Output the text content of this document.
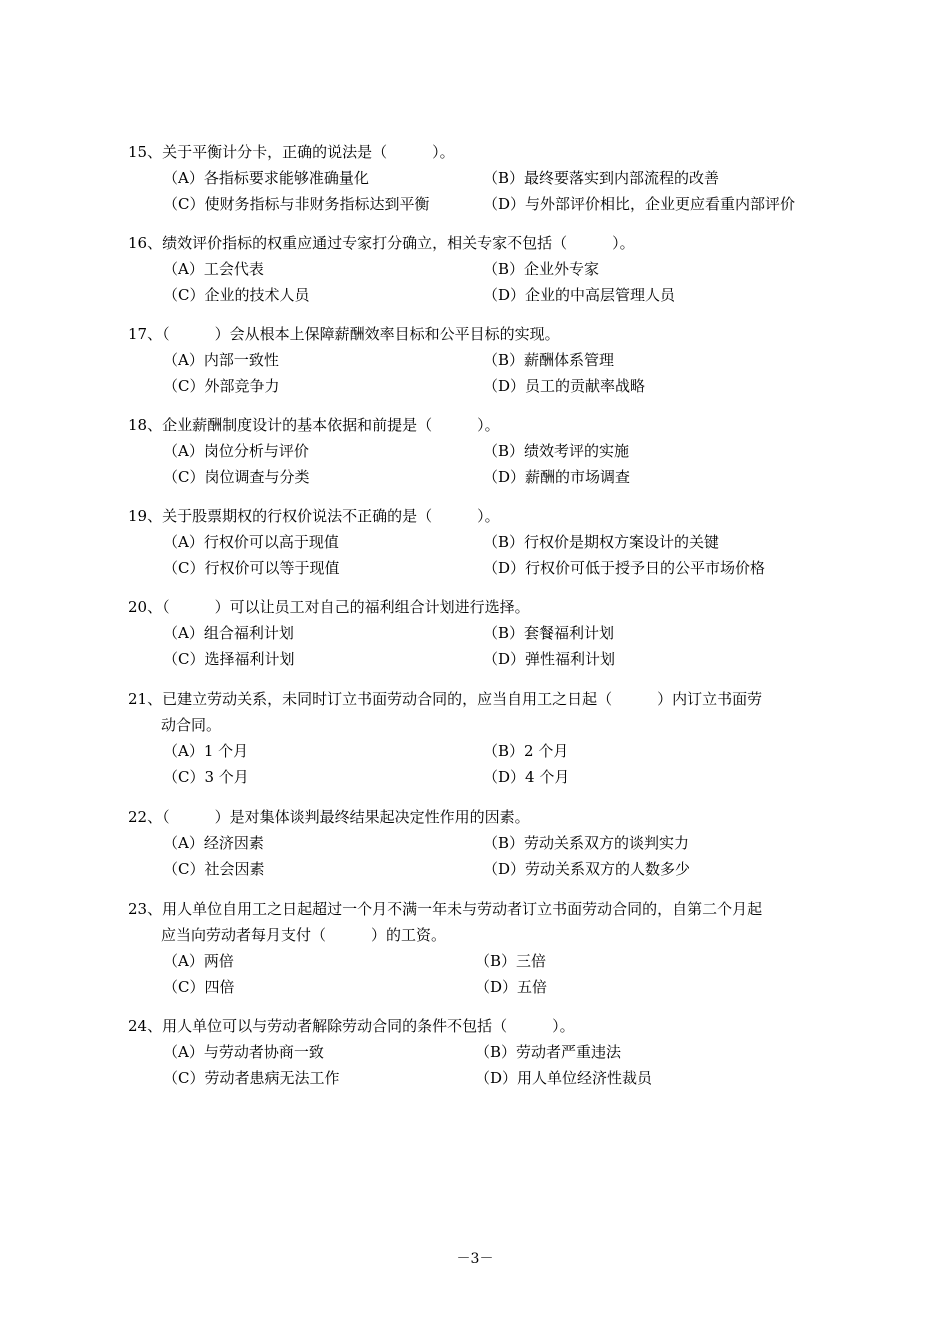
15、关于平衡计分卡，正确的说法是（　　　）。
（A）各指标要求能够准确量化	（B）最终要落实到内部流程的改善
（C）使财务指标与非财务指标达到平衡	（D）与外部评价相比，企业更应看重内部评价
16、绩效评价指标的权重应通过专家打分确立，相关专家不包括（　　　）。
（A）工会代表	（B）企业外专家
（C）企业的技术人员	（D）企业的中高层管理人员
17、（　　　）会从根本上保障薪酬效率目标和公平目标的实现。
（A）内部一致性	（B）薪酬体系管理
（C）外部竞争力	（D）员工的贡献率战略
18、企业薪酬制度设计的基本依据和前提是（　　　）。
（A）岗位分析与评价	（B）绩效考评的实施
（C）岗位调查与分类	（D）薪酬的市场调查
19、关于股票期权的行权价说法不正确的是（　　　）。
（A）行权价可以高于现值	（B）行权价是期权方案设计的关键
（C）行权价可以等于现值	（D）行权价可低于授予日的公平市场价格
20、（　　　）可以让员工对自己的福利组合计划进行选择。
（A）组合福利计划	（B）套餐福利计划
（C）选择福利计划	（D）弹性福利计划
21、已建立劳动关系，未同时订立书面劳动合同的，应当自用工之日起（　　　）内订立书面劳
动合同。
（A）1 个月	（B）2 个月
（C）3 个月	（D）4 个月
22、（　　　）是对集体谈判最终结果起决定性作用的因素。
（A）经济因素	（B）劳动关系双方的谈判实力
（C）社会因素	（D）劳动关系双方的人数多少
23、用人单位自用工之日起超过一个月不满一年未与劳动者订立书面劳动合同的，自第二个月起
应当向劳动者每月支付（　　　）的工资。
（A）两倍	（B）三倍
（C）四倍	（D）五倍
24、用人单位可以与劳动者解除劳动合同的条件不包括（　　　）。
（A）与劳动者协商一致	（B）劳动者严重违法
（C）劳动者患病无法工作	（D）用人单位经济性裁员
－3－
